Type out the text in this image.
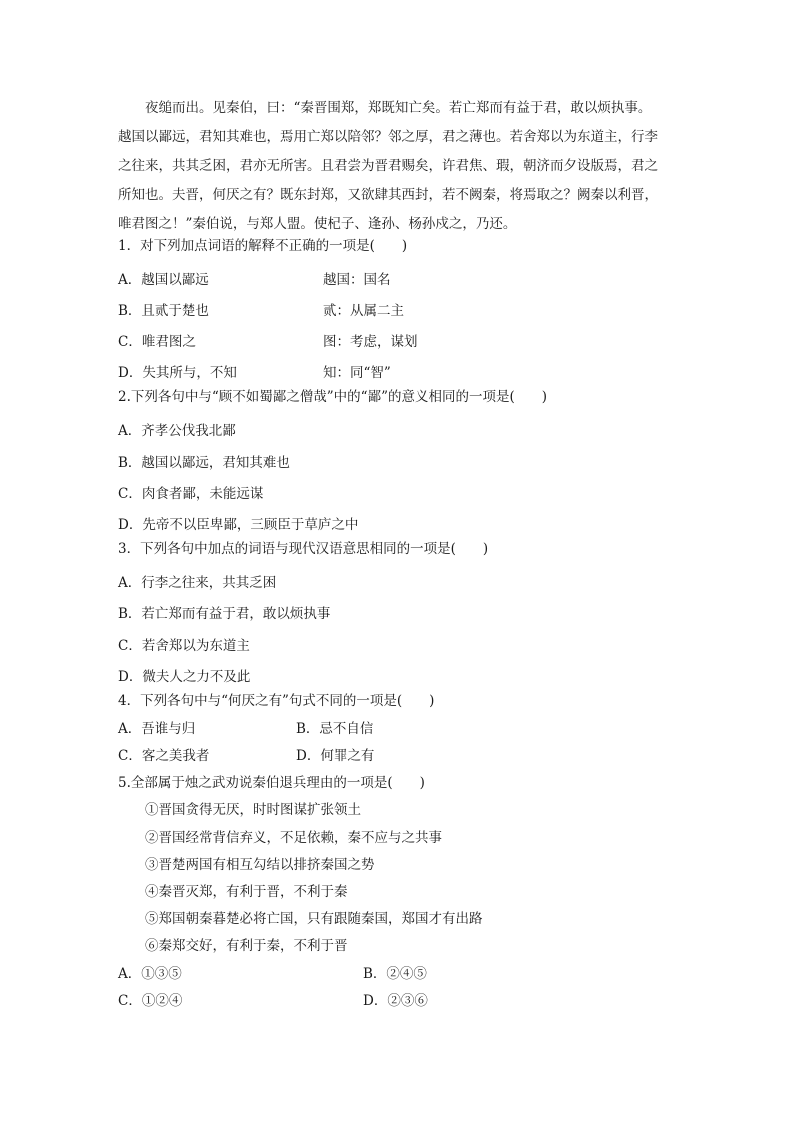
　　夜缒而出。见秦伯，曰：“秦晋围郑，郑既知亡矣。若亡郑而有益于君，敢以烦执事。
越国以鄙远，君知其难也，焉用亡郑以陪邻？邻之厚，君之薄也。若舍郑以为东道主，行李
之往来，共其乏困，君亦无所害。且君尝为晋君赐矣，许君焦、瑕，朝济而夕设版焉，君之
所知也。夫晋，何厌之有？既东封郑，又欲肆其西封，若不阙秦，将焉取之？阙秦以利晋，
唯君图之！”秦伯说，与郑人盟。使杞子、逢孙、杨孙戍之，乃还。
1．对下列加点词语的解释不正确的一项是(　　)
A．越国以鄙远	越国：国名
B．且贰于楚也	贰：从属二主
C．唯君图之	图：考虑，谋划
D．失其所与，不知	知：同“智”
2.下列各句中与“顾不如蜀鄙之僧哉”中的“鄙”的意义相同的一项是(　　)
A．齐孝公伐我北鄙
B．越国以鄙远，君知其难也
C．肉食者鄙，未能远谋
D．先帝不以臣卑鄙，三顾臣于草庐之中
3．下列各句中加点的词语与现代汉语意思相同的一项是(　　)
A．行李之往来，共其乏困
B．若亡郑而有益于君，敢以烦执事
C．若舍郑以为东道主
D．微夫人之力不及此
4．下列各句中与“何厌之有”句式不同的一项是(　　)
A．吾谁与归	B．忌不自信
C．客之美我者	D．何罪之有
5.全部属于烛之武劝说秦伯退兵理由的一项是(　　)
①晋国贪得无厌，时时图谋扩张领土
②晋国经常背信弃义，不足依赖，秦不应与之共事
③晋楚两国有相互勾结以排挤秦国之势
④秦晋灭郑，有利于晋，不利于秦
⑤郑国朝秦暮楚必将亡国，只有跟随秦国，郑国才有出路
⑥秦郑交好，有利于秦，不利于晋
A．①③⑤	B．②④⑤
C．①②④	D．②③⑥
